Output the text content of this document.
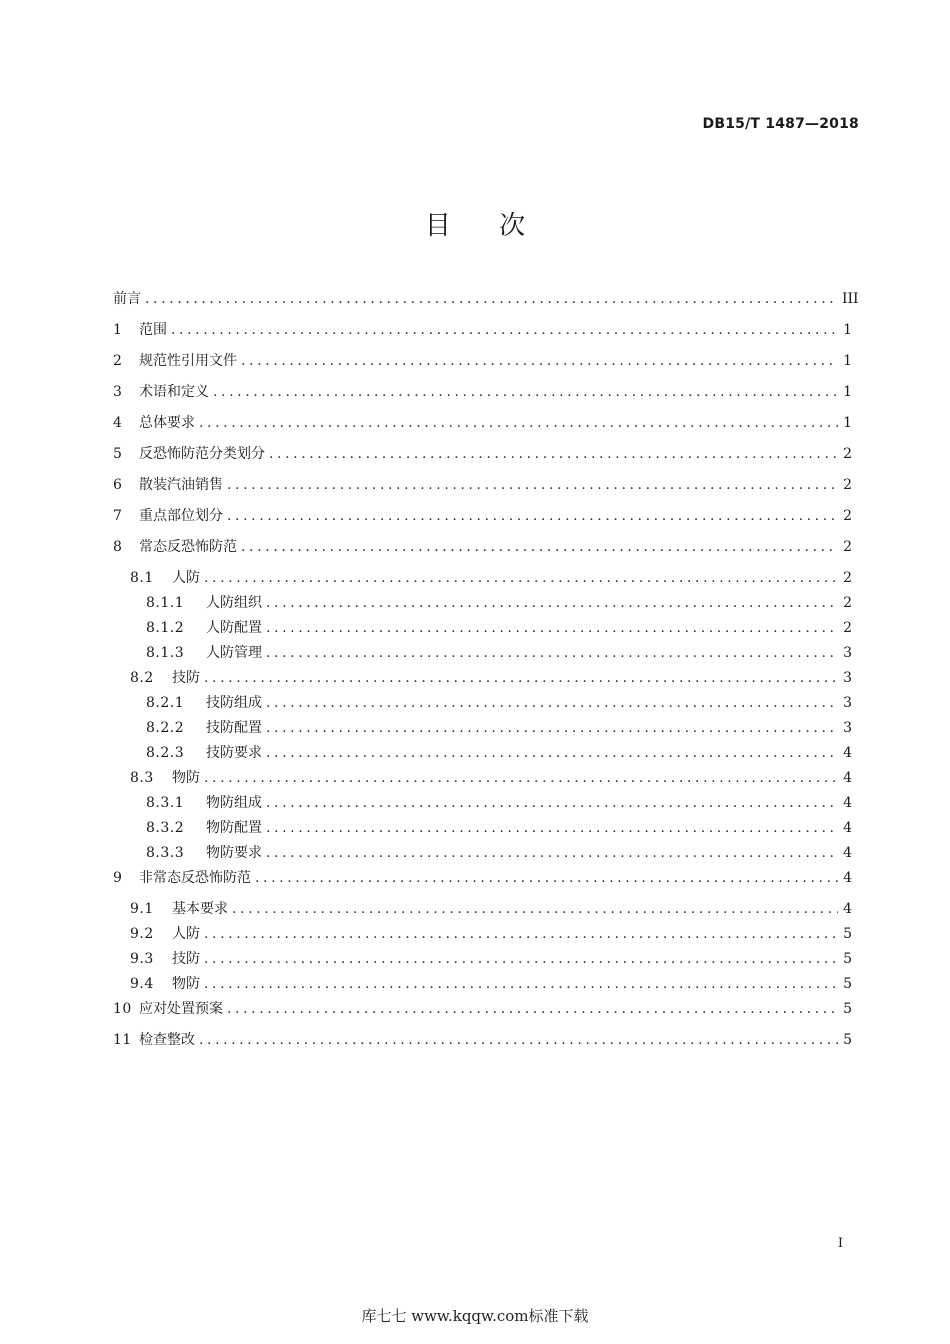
DB15/T 1487—2018
目 次
前言 .....	III
1	范围 .....	1
2	规范性引用文件 .....	1
3	术语和定义 .....	1
4	总体要求 .....	1
5	反恐怖防范分类划分 .....	2
6	散装汽油销售 .....	2
7	重点部位划分 .....	2
8	常态反恐怖防范 .....	2
8.1	人防 .....	2
8.1.1	人防组织 .....	2
8.1.2	人防配置 .....	2
8.1.3	人防管理 .....	3
8.2	技防 .....	3
8.2.1	技防组成 .....	3
8.2.2	技防配置 .....	3
8.2.3	技防要求 .....	4
8.3	物防 .....	4
8.3.1	物防组成 .....	4
8.3.2	物防配置 .....	4
8.3.3	物防要求 .....	4
9	非常态反恐怖防范 .....	4
9.1	基本要求 .....	4
9.2	人防 .....	5
9.3	技防 .....	5
9.4	物防 .....	5
10 应对处置预案 .....	5
11 检查整改 .....	5
I
库七七 www.kqqw.com标准下载
